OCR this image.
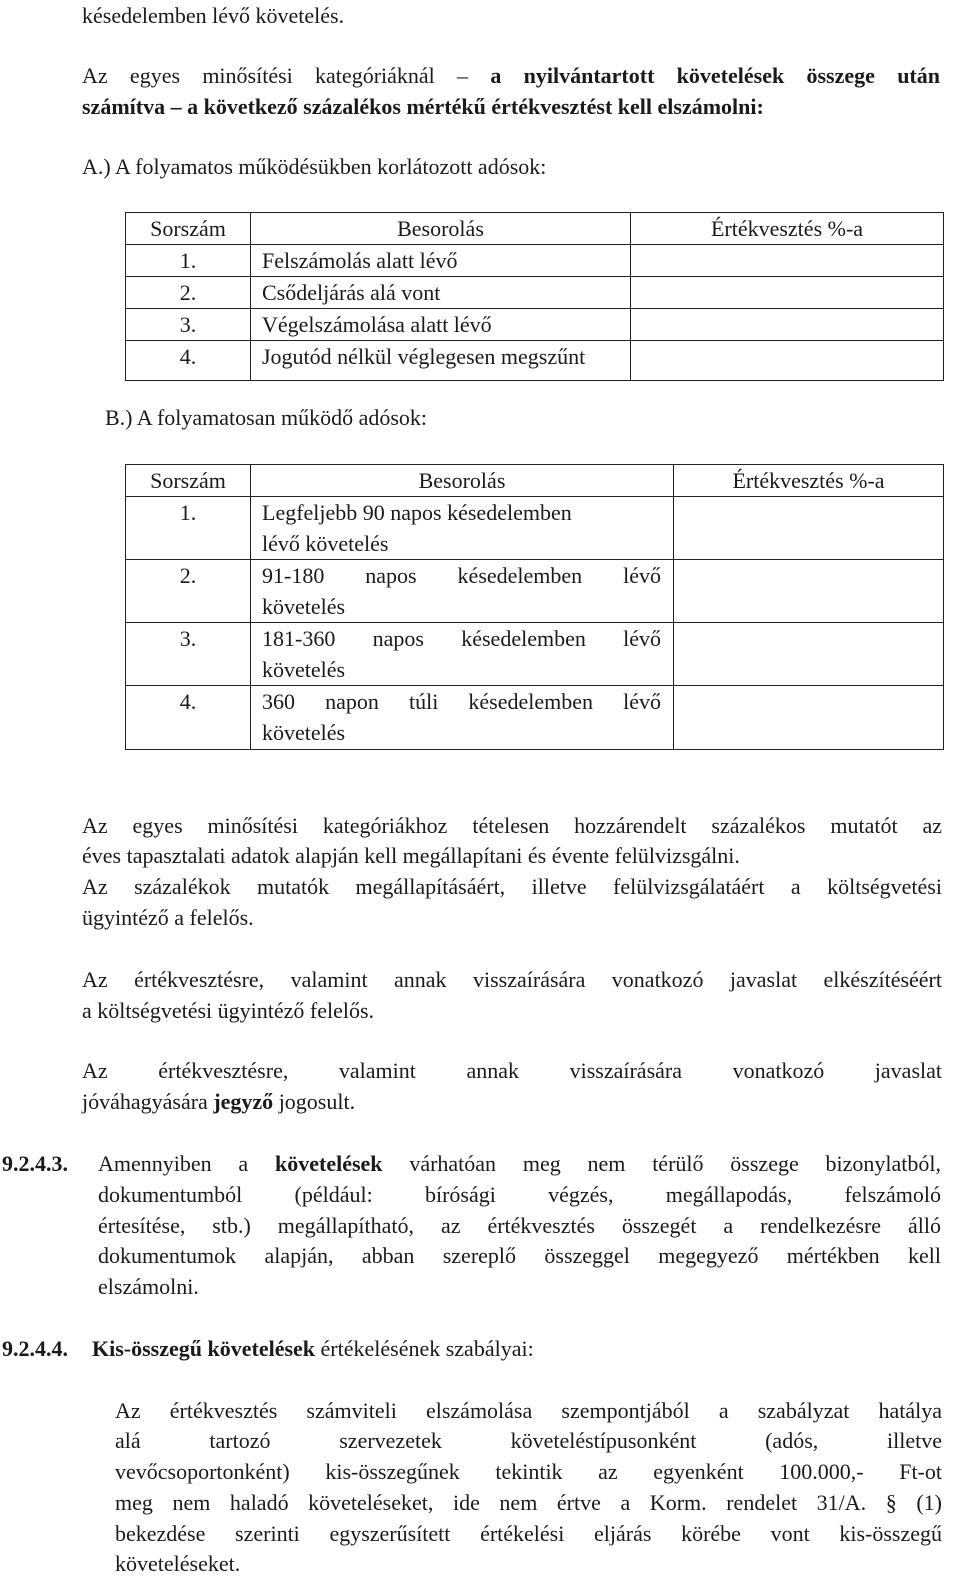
késedelemben lévő követelés.
Az egyes minősítési kategóriáknál – a nyilvántartott követelések összege után
számítva – a következő százalékos mértékű értékvesztést kell elszámolni:
A.) A folyamatos működésükben korlátozott adósok:
Sorszám	Besorolás	Értékvesztés %-a
1.	Felszámolás alatt lévő	
2.	Csődeljárás alá vont	
3.	Végelszámolása alatt lévő	
4.	Jogutód nélkül véglegesen megszűnt	
B.) A folyamatosan működő adósok:
Sorszám	Besorolás	Értékvesztés %-a
1.	Legfeljebb 90 napos késedelemben
lévő követelés	

2.	91-180 napos késedelemben lévő
követelés	

3.	181-360 napos késedelemben lévő
követelés	

4.	360 napon túli késedelemben lévő
követelés	

Az egyes minősítési kategóriákhoz tételesen hozzárendelt százalékos mutatót az
éves tapasztalati adatok alapján kell megállapítani és évente felülvizsgálni.
Az százalékok mutatók megállapításáért, illetve felülvizsgálatáért a költségvetési
ügyintéző a felelős.
Az értékvesztésre, valamint annak visszaírására vonatkozó javaslat elkészítéséért
a költségvetési ügyintéző felelős.
Az értékvesztésre, valamint annak visszaírására vonatkozó javaslat
jóváhagyására jegyző jogosult.
9.2.4.3. Amennyiben a követelések várhatóan meg nem térülő összege bizonylatból,
dokumentumból (például: bírósági végzés, megállapodás, felszámoló
értesítése, stb.) megállapítható, az értékvesztés összegét a rendelkezésre álló
dokumentumok alapján, abban szereplő összeggel megegyező mértékben kell
elszámolni.
9.2.4.4. Kis-összegű követelések értékelésének szabályai:
Az értékvesztés számviteli elszámolása szempontjából a szabályzat hatálya
alá tartozó szervezetek követeléstípusonként (adós, illetve
vevőcsoportonként) kis-összegűnek tekintik az egyenként 100.000,- Ft-ot
meg nem haladó követeléseket, ide nem értve a Korm. rendelet 31/A. § (1)
bekezdése szerinti egyszerűsített értékelési eljárás körébe vont kis-összegű
követeléseket.
